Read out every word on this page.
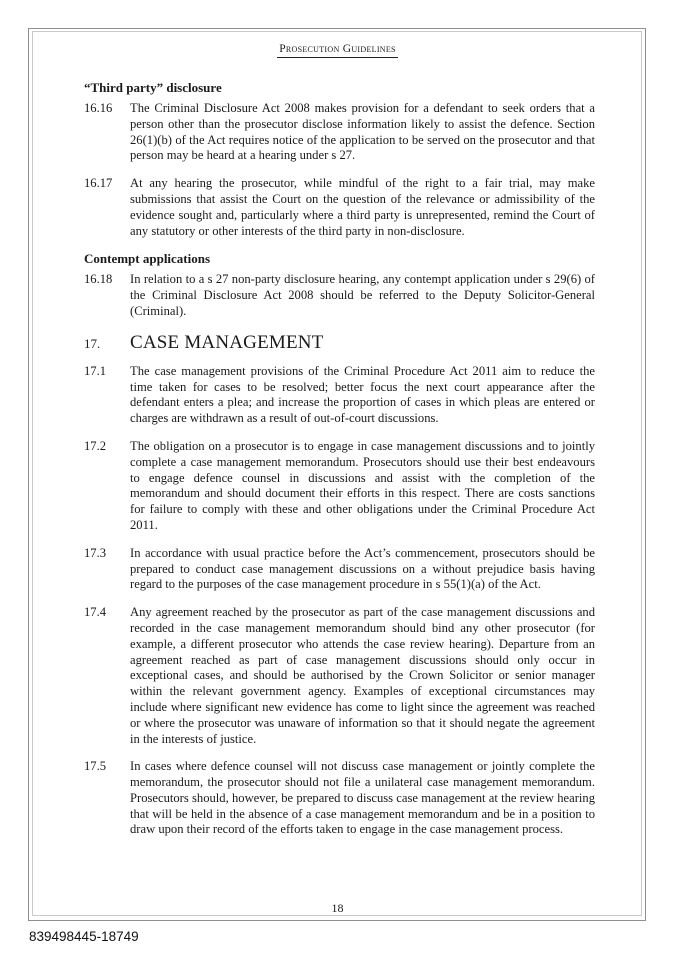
Prosecution Guidelines
“Third party” disclosure
16.16	The Criminal Disclosure Act 2008 makes provision for a defendant to seek orders that a person other than the prosecutor disclose information likely to assist the defence. Section 26(1)(b) of the Act requires notice of the application to be served on the prosecutor and that person may be heard at a hearing under s 27.
16.17	At any hearing the prosecutor, while mindful of the right to a fair trial, may make submissions that assist the Court on the question of the relevance or admissibility of the evidence sought and, particularly where a third party is unrepresented, remind the Court of any statutory or other interests of the third party in non-disclosure.
Contempt applications
16.18	In relation to a s 27 non-party disclosure hearing, any contempt application under s 29(6) of the Criminal Disclosure Act 2008 should be referred to the Deputy Solicitor-General (Criminal).
17.	CASE MANAGEMENT
17.1	The case management provisions of the Criminal Procedure Act 2011 aim to reduce the time taken for cases to be resolved; better focus the next court appearance after the defendant enters a plea; and increase the proportion of cases in which pleas are entered or charges are withdrawn as a result of out-of-court discussions.
17.2	The obligation on a prosecutor is to engage in case management discussions and to jointly complete a case management memorandum. Prosecutors should use their best endeavours to engage defence counsel in discussions and assist with the completion of the memorandum and should document their efforts in this respect. There are costs sanctions for failure to comply with these and other obligations under the Criminal Procedure Act 2011.
17.3	In accordance with usual practice before the Act’s commencement, prosecutors should be prepared to conduct case management discussions on a without prejudice basis having regard to the purposes of the case management procedure in s 55(1)(a) of the Act.
17.4	Any agreement reached by the prosecutor as part of the case management discussions and recorded in the case management memorandum should bind any other prosecutor (for example, a different prosecutor who attends the case review hearing). Departure from an agreement reached as part of case management discussions should only occur in exceptional cases, and should be authorised by the Crown Solicitor or senior manager within the relevant government agency. Examples of exceptional circumstances may include where significant new evidence has come to light since the agreement was reached or where the prosecutor was unaware of information so that it should negate the agreement in the interests of justice.
17.5	In cases where defence counsel will not discuss case management or jointly complete the memorandum, the prosecutor should not file a unilateral case management memorandum. Prosecutors should, however, be prepared to discuss case management at the review hearing that will be held in the absence of a case management memorandum and be in a position to draw upon their record of the efforts taken to engage in the case management process.
18
839498445-18749
